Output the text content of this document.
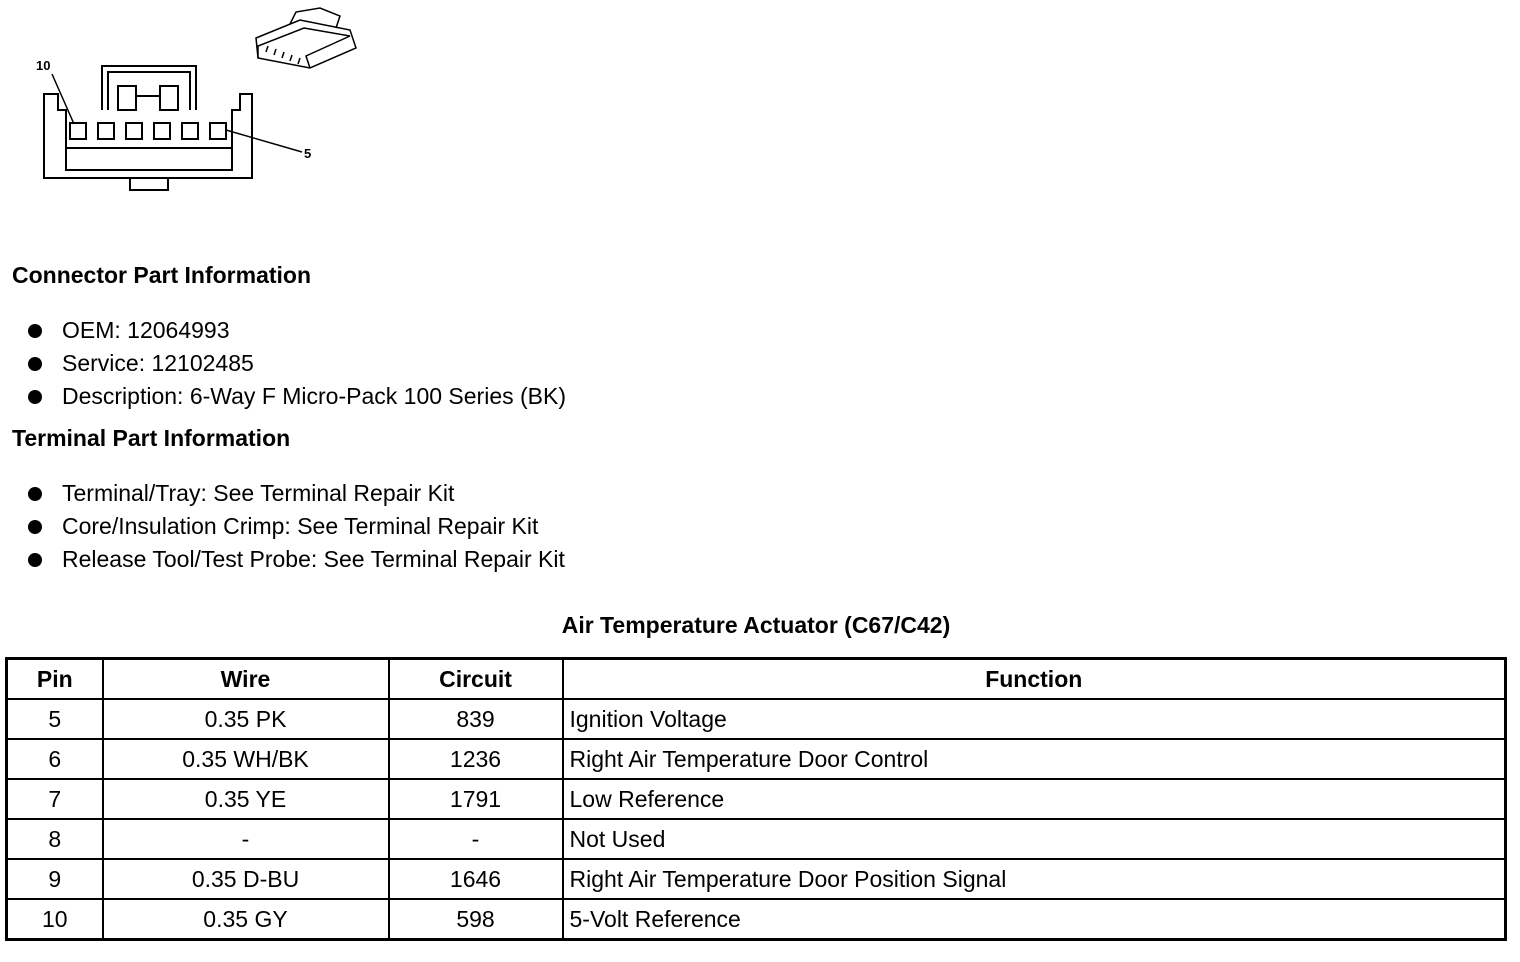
10
5
Connector Part Information
OEM: 12064993
Service: 12102485
Description: 6-Way F Micro-Pack 100 Series (BK)
Terminal Part Information
Terminal/Tray: See Terminal Repair Kit
Core/Insulation Crimp: See Terminal Repair Kit
Release Tool/Test Probe: See Terminal Repair Kit
Air Temperature Actuator (C67/C42)
Pin	Wire	Circuit	Function
5	0.35 PK	839	Ignition Voltage
6	0.35 WH/BK	1236	Right Air Temperature Door Control
7	0.35 YE	1791	Low Reference
8	-	-	Not Used
9	0.35 D-BU	1646	Right Air Temperature Door Position Signal
10	0.35 GY	598	5-Volt Reference
